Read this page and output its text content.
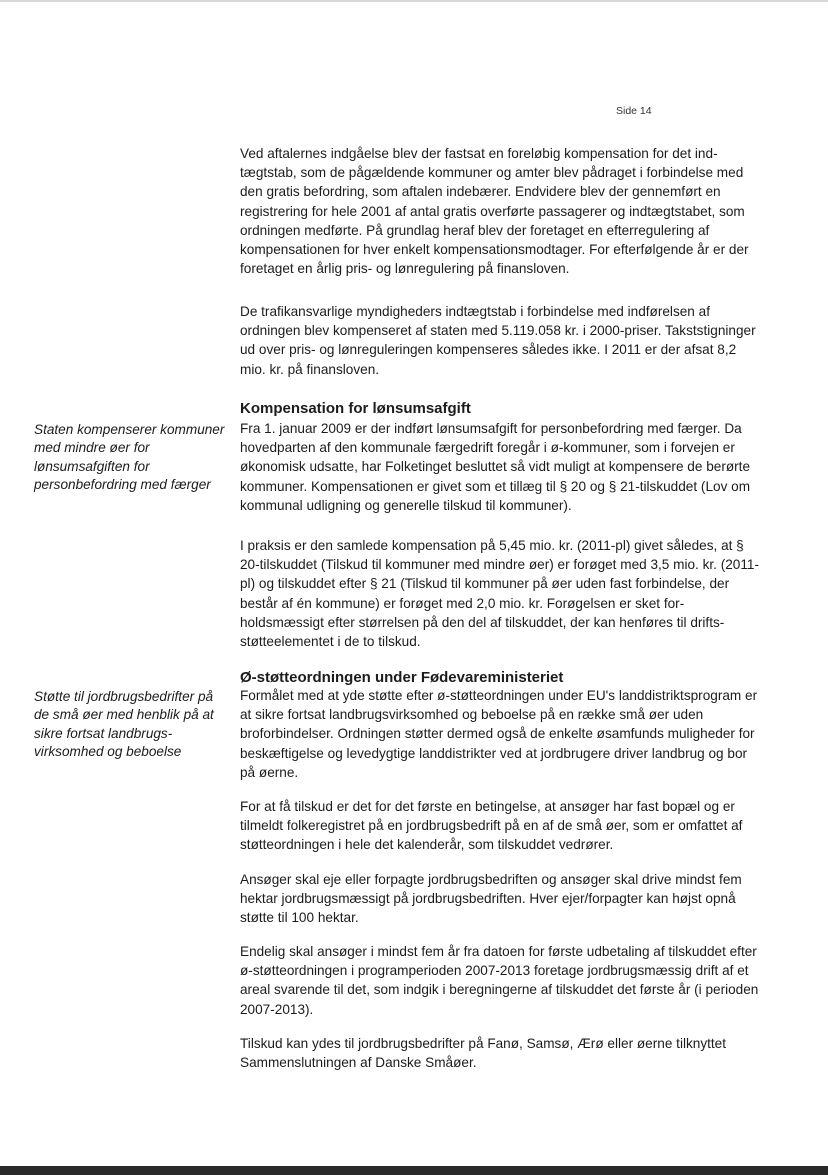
Side 14

Ved aftalernes indgåelse blev der fastsat en foreløbig kompensation for det indtægtstab, som de pågældende kommuner og amter blev pådraget i forbindelse med den gratis befordring, som aftalen indebærer. Endvidere blev der gennemført en registrering for hele 2001 af antal gratis overførte passagerer og indtægtstabet, som ordningen medførte. På grundlag heraf blev der foretaget en efterregulering af kompensationen for hver enkelt kompensationsmodtager. For efterfølgende år er der foretaget en årlig pris- og lønregulering på finansloven.

De trafikansvarlige myndigheders indtægtstab i forbindelse med indførelsen af ordningen blev kompenseret af staten med 5.119.058 kr. i 2000-priser. Takststigninger ud over pris- og lønreguleringen kompenseres således ikke. I 2011 er der afsat 8,2 mio. kr. på finansloven.

Kompensation for lønsumsafgift

Staten kompenserer kommuner med mindre øer for lønsumsafgiften for personbefordring med færger

Fra 1. januar 2009 er der indført lønsumsafgift for personbefordring med færger. Da hovedparten af den kommunale færgedrift foregår i ø-kommuner, som i forvejen er økonomisk udsatte, har Folketinget besluttet så vidt muligt at kompensere de berørte kommuner. Kompensationen er givet som et tillæg til § 20 og § 21-tilskuddet (Lov om kommunal udligning og generelle tilskud til kommuner).

I praksis er den samlede kompensation på 5,45 mio. kr. (2011-pl) givet således, at § 20-tilskuddet (Tilskud til kommuner med mindre øer) er forøget med 3,5 mio. kr. (2011-pl) og tilskuddet efter § 21 (Tilskud til kommuner på øer uden fast forbindelse, der består af én kommune) er forøget med 2,0 mio. kr. Forøgelsen er sket forholdsmæssigt efter størrelsen på den del af tilskuddet, der kan henføres til driftsstøtteelementet i de to tilskud.

Ø-støtteordningen under Fødevareministeriet

Støtte til jordbrugsbedrifter på de små øer med henblik på at sikre fortsat landbrugsvirksomhed og beboelse

Formålet med at yde støtte efter ø-støtteordningen under EU's landdistriktsprogram er at sikre fortsat landbrugsvirksomhed og beboelse på en række små øer uden broforbindelser. Ordningen støtter dermed også de enkelte øsamfunds muligheder for beskæftigelse og levedygtige landdistrikter ved at jordbrugere driver landbrug og bor på øerne.

For at få tilskud er det for det første en betingelse, at ansøger har fast bopæl og er tilmeldt folkeregistret på en jordbrugsbedrift på en af de små øer, som er omfattet af støtteordningen i hele det kalenderår, som tilskuddet vedrører.

Ansøger skal eje eller forpagte jordbrugsbedriften og ansøger skal drive mindst fem hektar jordbrugsmæssigt på jordbrugsbedriften. Hver ejer/forpagter kan højst opnå støtte til 100 hektar.

Endelig skal ansøger i mindst fem år fra datoen for første udbetaling af tilskuddet efter ø-støtteordningen i programperioden 2007-2013 foretage jordbrugsmæssig drift af et areal svarende til det, som indgik i beregningerne af tilskuddet det første år (i perioden 2007-2013).

Tilskud kan ydes til jordbrugsbedrifter på Fanø, Samsø, Ærø eller øerne tilknyttet Sammenslutningen af Danske Småøer.
